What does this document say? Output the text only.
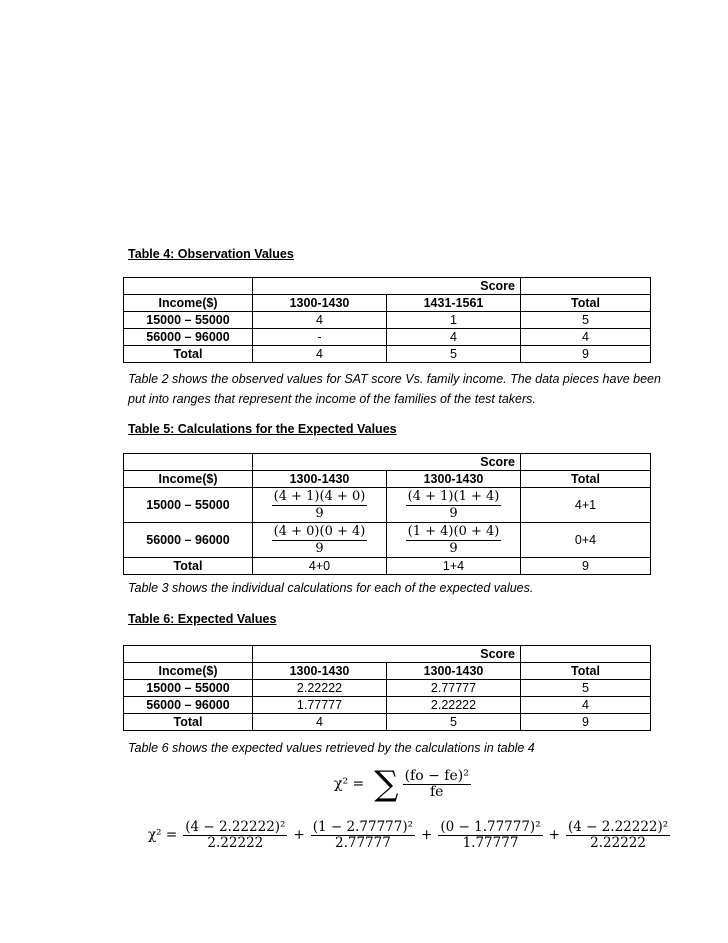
Table 4: Observation Values
	Score		
Income($)	1300-1430	1431-1561	Total
15000 – 55000	4	1	5
56000 – 96000	-	4	4
Total	4	5	9
Table 2 shows the observed values for SAT score Vs. family income. The data pieces have been put into ranges that represent the income of the families of the test takers.
Table 5: Calculations for the Expected Values
	Score		
Income($)	1300-1430	1300-1430	Total
15000 – 55000	$\frac{(4 + 1)(4 + 0)}{9}$	$\frac{(4 + 1)(1 + 4)}{9}$	4+1
56000 – 96000	$\frac{(4 + 0)(0 + 4)}{9}$	$\frac{(1 + 4)(0 + 4)}{9}$	0+4
Total	4+0	1+4	9
Table 3 shows the individual calculations for each of the expected values.
Table 6: Expected Values
	Score		
Income($)	1300-1430	1300-1430	Total
15000 – 55000	2.22222	2.77777	5
56000 – 96000	1.77777	2.22222	4
Total	4	5	9
Table 6 shows the expected values retrieved by the calculations in table 4
χ² = ∑ $\frac{\text{(fo − fe)²}}{fe}$
$\chi^2 = \frac{\text{(4 − 2.22222)²}}{2.22222} + \frac{\text{(1 − 2.77777)²}}{2.77777} + \frac{\text{(0 − 1.77777)²}}{1.77777} + \frac{\text{(4 − 2.22222)²}}{2.22222}$
